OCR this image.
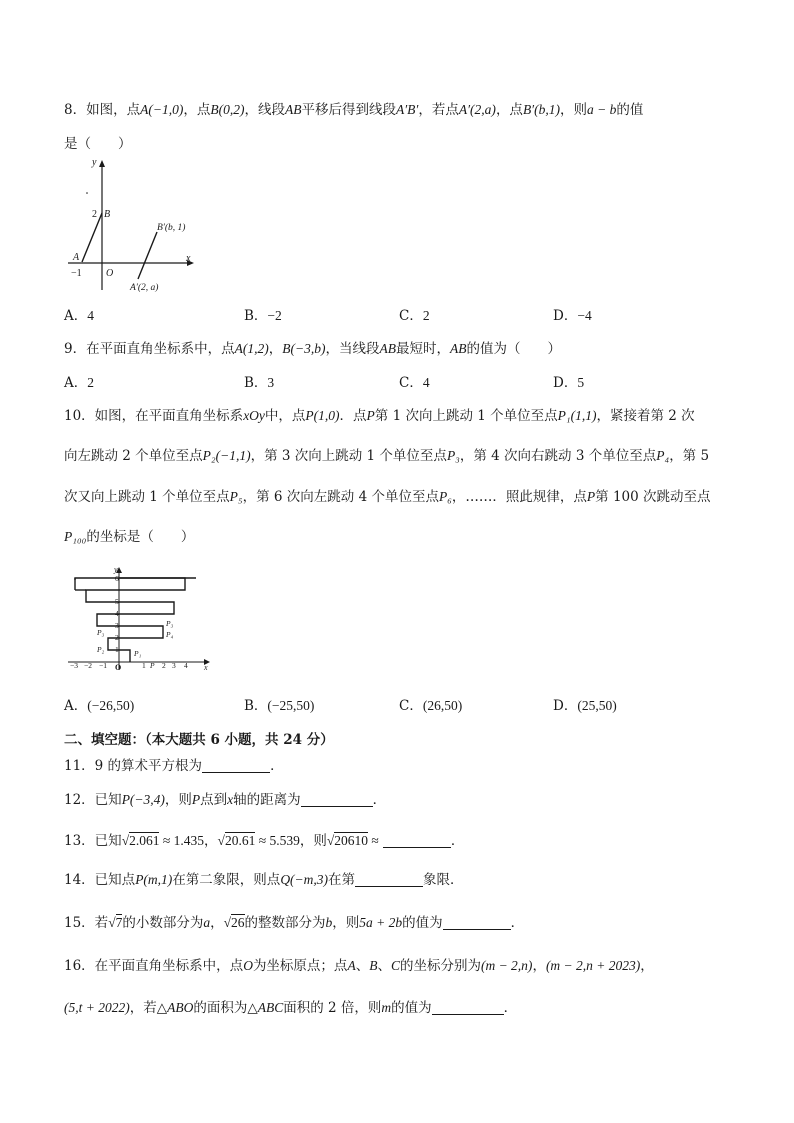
8．如图，点A(−1,0)，点B(0,2)，线段AB平移后得到线段A′B′，若点A′(2,a)，点B′(b,1)，则a − b的值
是（　　）
y
x
O
2 B
A
−1
B′(b, 1)
A′(2, a)
A．4	B．−2	C．2	D．−4
9．在平面直角坐标系中，点A(1,2)，B(−3,b)，当线段AB最短时，AB的值为（　　）
A．2	B．3	C．4	D．5
10．如图，在平面直角坐标系xOy中，点P(1,0)．点P第 1 次向上跳动 1 个单位至点P₁(1,1)，紧接着第 2 次
向左跳动 2 个单位至点P₂(−1,1)，第 3 次向上跳动 1 个单位至点P₃，第 4 次向右跳动 3 个单位至点P₄，第 5
次又向上跳动 1 个单位至点P₅，第 6 次向左跳动 4 个单位至点P₆，……．照此规律，点P第 100 次跳动至点
P₁₀₀的坐标是（　　）
y
x
O
−3 −2 −1	1 2 3 4
1
2
3
4
5
6
P₁
P₂
P₃
P₃
P₄
P
A．(−26,50)	B．(−25,50)	C．(26,50)	D．(25,50)
二、填空题：（本大题共 6 小题，共 24 分）
11．9 的算术平方根为	．
12．已知P(−3,4)，则P点到x轴的距离为	．
13．已知√2.061 ≈ 1.435，√20.61 ≈ 5.539，则√20610 ≈	．
14．已知点P(m,1)在第二象限，则点Q(−m,3)在第	象限．
15．若√7的小数部分为a，√26的整数部分为b，则5a + 2b的值为	．
16．在平面直角坐标系中，点O为坐标原点；点A、B、C的坐标分别为(m − 2,n)，(m − 2,n + 2023)，
(5,t + 2022)，若△ABO的面积为△ABC面积的 2 倍，则m的值为	．
